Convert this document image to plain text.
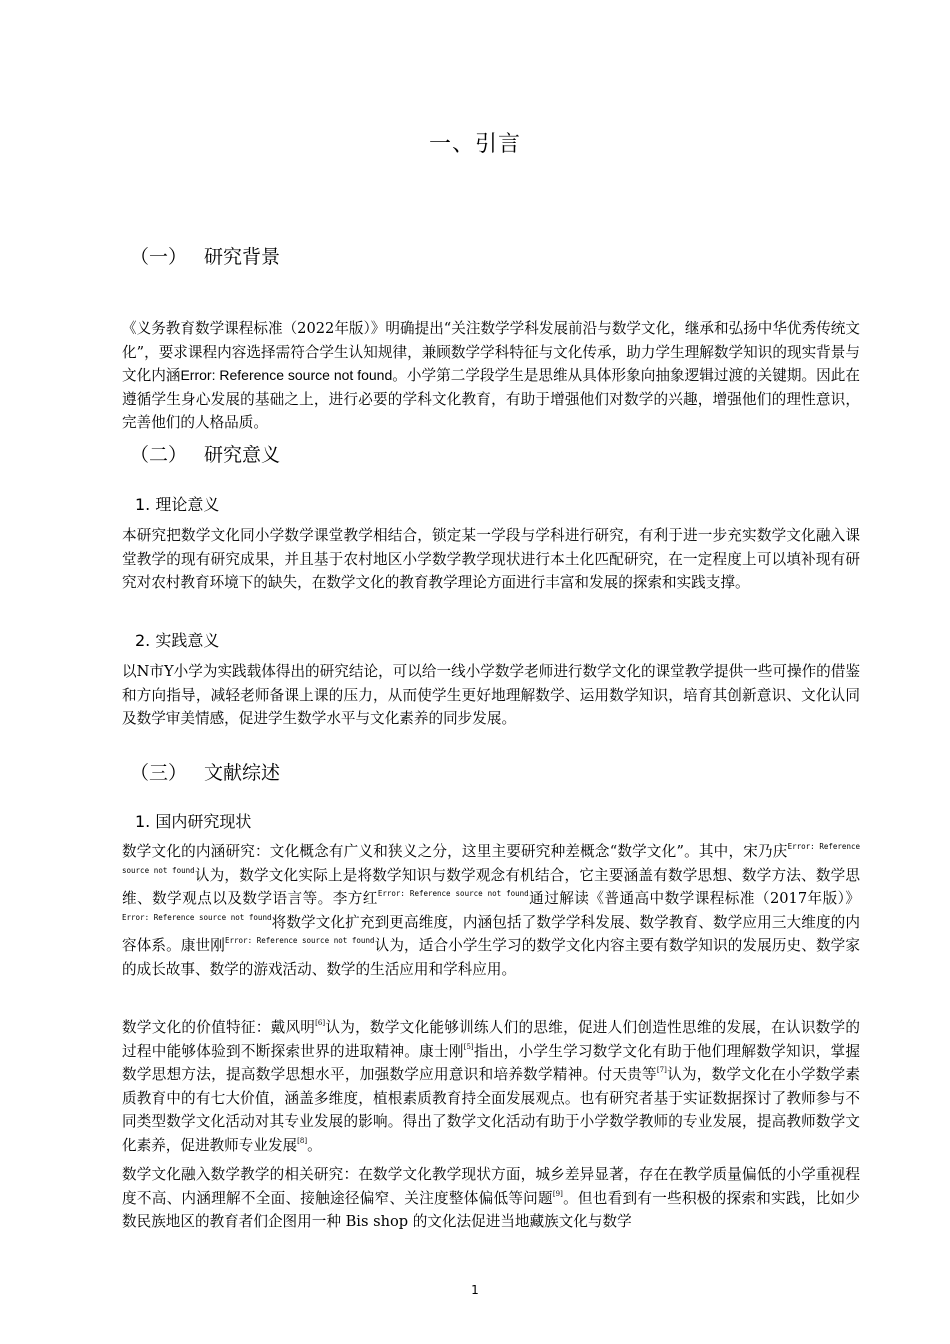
一、引言
（一） 研究背景
《义务教育数学课程标准（2022年版）》明确提出“关注数学学科发展前沿与数学文化，继承和弘扬中华优秀传统文化”，要求课程内容选择需符合学生认知规律，兼顾数学学科特征与文化传承，助力学生理解数学知识的现实背景与文化内涵Error: Reference source not found。小学第二学段学生是思维从具体形象向抽象逻辑过渡的关键期。因此在遵循学生身心发展的基础之上，进行必要的学科文化教育，有助于增强他们对数学的兴趣，增强他们的理性意识，完善他们的人格品质。
（二） 研究意义
1. 理论意义
本研究把数学文化同小学数学课堂教学相结合，锁定某一学段与学科进行研究，有利于进一步充实数学文化融入课堂教学的现有研究成果，并且基于农村地区小学数学教学现状进行本土化匹配研究，在一定程度上可以填补现有研究对农村教育环境下的缺失，在数学文化的教育教学理论方面进行丰富和发展的探索和实践支撑。
2. 实践意义
以N市Y小学为实践载体得出的研究结论，可以给一线小学数学老师进行数学文化的课堂教学提供一些可操作的借鉴和方向指导，减轻老师备课上课的压力，从而使学生更好地理解数学、运用数学知识，培育其创新意识、文化认同及数学审美情感，促进学生数学水平与文化素养的同步发展。
（三） 文献综述
1. 国内研究现状
数学文化的内涵研究：文化概念有广义和狭义之分，这里主要研究种差概念“数学文化”。其中，宋乃庆$^{Error: Reference source not found}$认为，数学文化实际上是将数学知识与数学观念有机结合，它主要涵盖有数学思想、数学方法、数学思维、数学观点以及数学语言等。李方红$^{Error: Reference source not found}$通过解读《普通高中数学课程标准（2017年版）》$^{Error: Reference source not found}$将数学文化扩充到更高维度，内涵包括了数学学科发展、数学教育、数学应用三大维度的内容体系。康世刚$^{Error: Reference source not found}$认为，适合小学生学习的数学文化内容主要有数学知识的发展历史、数学家的成长故事、数学的游戏活动、数学的生活应用和学科应用。
数学文化的价值特征：戴风明[6]认为，数学文化能够训练人们的思维，促进人们创造性思维的发展，在认识数学的过程中能够体验到不断探索世界的进取精神。康士刚[5]指出，小学生学习数学文化有助于他们理解数学知识，掌握数学思想方法，提高数学思想水平，加强数学应用意识和培养数学精神。付天贵等[7]认为，数学文化在小学数学素质教育中的有七大价值，涵盖多维度，植根素质教育持全面发展观点。也有研究者基于实证数据探讨了教师参与不同类型数学文化活动对其专业发展的影响。得出了数学文化活动有助于小学数学教师的专业发展，提高教师数学文化素养，促进教师专业发展[8]。
数学文化融入数学教学的相关研究：在数学文化教学现状方面，城乡差异显著，存在在教学质量偏低的小学重视程度不高、内涵理解不全面、接触途径偏窄、关注度整体偏低等问题[9]。但也看到有一些积极的探索和实践，比如少数民族地区的教育者们企图用一种 Bis shop 的文化法促进当地藏族文化与数学
1
